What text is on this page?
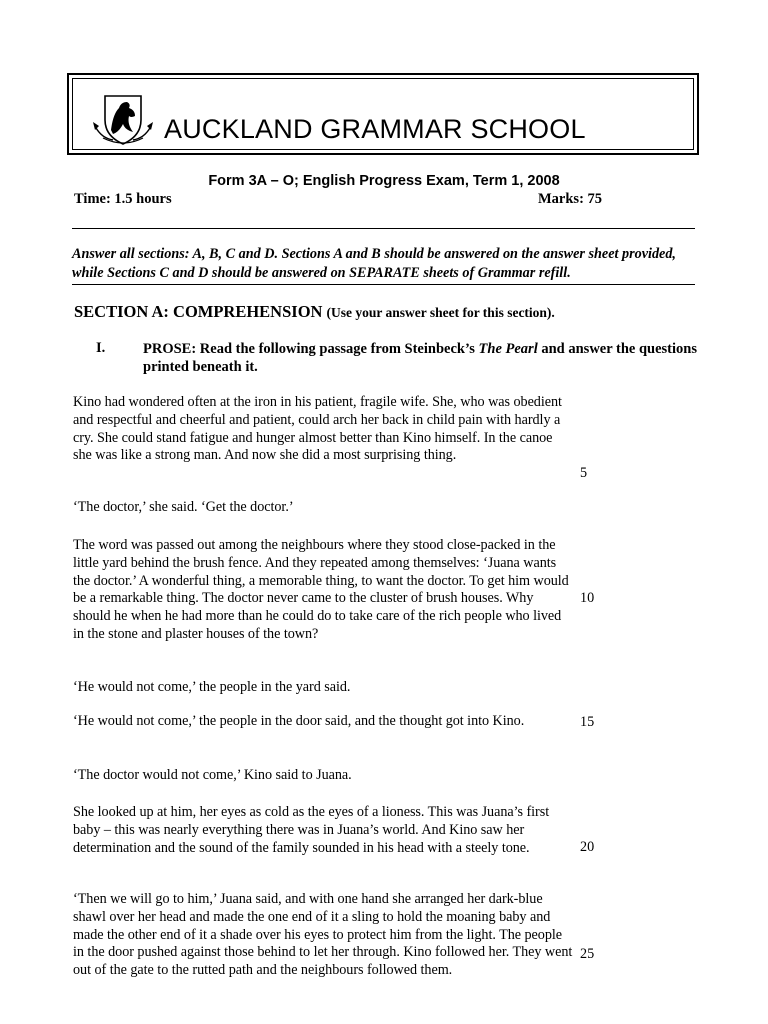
AUCKLAND GRAMMAR SCHOOL
Form 3A – O; English Progress Exam, Term 1, 2008
Time: 1.5 hours	Marks: 75
Answer all sections: A, B, C and D. Sections A and B should be answered on the answer sheet provided, while Sections C and D should be answered on SEPARATE sheets of Grammar refill.
SECTION A: COMPREHENSION (Use your answer sheet for this section).
I.	PROSE: Read the following passage from Steinbeck’s The Pearl and answer the questions printed beneath it.
Kino had wondered often at the iron in his patient, fragile wife. She, who was obedient and respectful and cheerful and patient, could arch her back in child pain with hardly a cry. She could stand fatigue and hunger almost better than Kino himself. In the canoe she was like a strong man. And now she did a most surprising thing.
‘The doctor,’ she said. ‘Get the doctor.’
The word was passed out among the neighbours where they stood close-packed in the little yard behind the brush fence. And they repeated among themselves: ‘Juana wants the doctor.’ A wonderful thing, a memorable thing, to want the doctor. To get him would be a remarkable thing. The doctor never came to the cluster of brush houses. Why should he when he had more than he could do to take care of the rich people who lived in the stone and plaster houses of the town?
‘He would not come,’ the people in the yard said.
‘He would not come,’ the people in the door said, and the thought got into Kino.
‘The doctor would not come,’ Kino said to Juana.
She looked up at him, her eyes as cold as the eyes of a lioness. This was Juana’s first baby – this was nearly everything there was in Juana’s world. And Kino saw her determination and the sound of the family sounded in his head with a steely tone.
‘Then we will go to him,’ Juana said, and with one hand she arranged her dark-blue shawl over her head and made the one end of it a sling to hold the moaning baby and made the other end of it a shade over his eyes to protect him from the light. The people in the door pushed against those behind to let her through. Kino followed her. They went out of the gate to the rutted path and the neighbours followed them.
5
10
15
20
25
